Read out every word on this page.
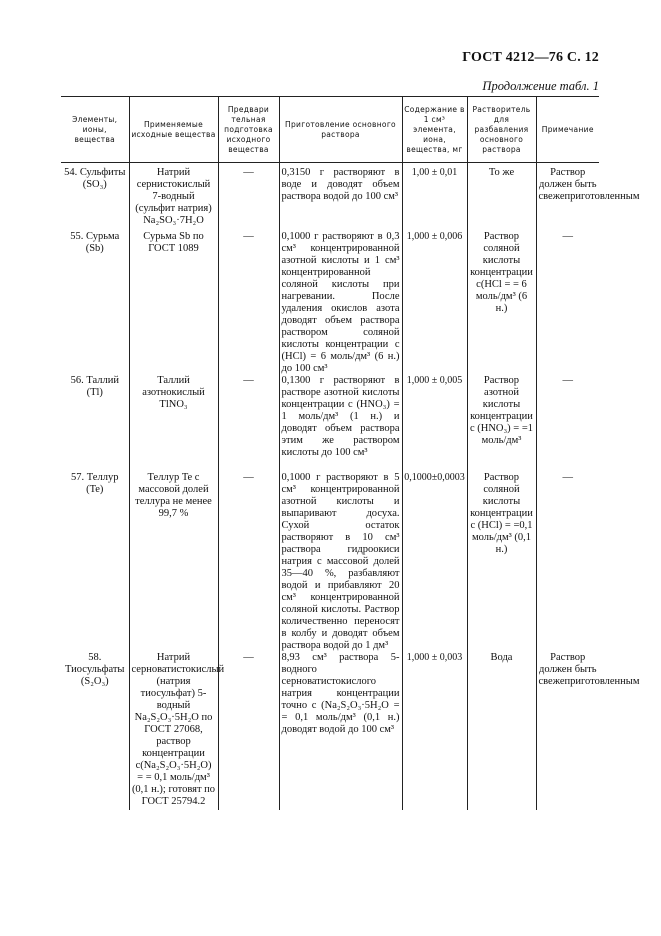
ГОСТ 4212—76 С. 12
Продолжение табл. 1
Элементы, ионы, вещества	Применяемые исходные вещества	Предвари тельная подготовка исходного вещества	Приготовление основного раствора	Содержание в 1 см³ элемента, иона, вещества, мг	Растворитель для разбавления основного раствора	Примечание
54. Сульфиты (SO₃)	Натрий сернистокислый 7-водный (сульфит натрия) Na₂SO₃·7H₂O	—	0,3150 г растворяют в воде и доводят объем раствора водой до 100 см³	1,00 ± 0,01	То же	Раствор должен быть свежеприготовленным
55. Сурьма (Sb)	Сурьма Sb по ГОСТ 1089	—	0,1000 г растворяют в 0,3 см³ концентрированной азотной кислоты и 1 см³ концентрированной соляной кислоты при нагревании. После удаления окислов азота доводят объем раствора раствором соляной кислоты концентрации с (HCl) = 6 моль/дм³ (6 н.) до 100 см³	1,000 ± 0,006	Раствор соляной кислоты концентрации с(HCl = = 6 моль/дм³ (6 н.)	—
56. Таллий (Tl)	Таллий азотнокислый TlNO₃	—	0,1300 г растворяют в растворе азотной кислоты концентрации с (HNO₃) = 1 моль/дм³ (1 н.) и доводят объем раствора этим же раствором кислоты до 100 см³	1,000 ± 0,005	Раствор азотной кислоты концентрации с (HNO₃) = =1 моль/дм³	—
57. Теллур (Te)	Теллур Te с массовой долей теллура не менее 99,7 %	—	0,1000 г растворяют в 5 см³ концентрированной азотной кислоты и выпаривают досуха. Сухой остаток растворяют в 10 см³ раствора гидроокиси натрия с массовой долей 35—40 %, разбавляют водой и прибавляют 20 см³ концентрированной соляной кислоты. Раствор количественно переносят в колбу и доводят объем раствора водой до 1 дм³	0,1000±0,0003	Раствор соляной кислоты концентрации с (HCl) = =0,1 моль/дм³ (0,1 н.)	—
58. Тиосульфаты (S₂O₃)	Натрий серноватистокислый (натрия тиосульфат) 5-водный Na₂S₂O₃·5H₂O по ГОСТ 27068, раствор концентрации с(Na₂S₂O₃·5H₂O) = = 0,1 моль/дм³ (0,1 н.); готовят по ГОСТ 25794.2	—	8,93 см³ раствора 5-водного серноватистокислого натрия концентрации точно с (Na₂S₂O₃·5H₂O = = 0,1 моль/дм³ (0,1 н.) доводят водой до 100 см³	1,000 ± 0,003	Вода	Раствор должен быть свежеприготовленным
